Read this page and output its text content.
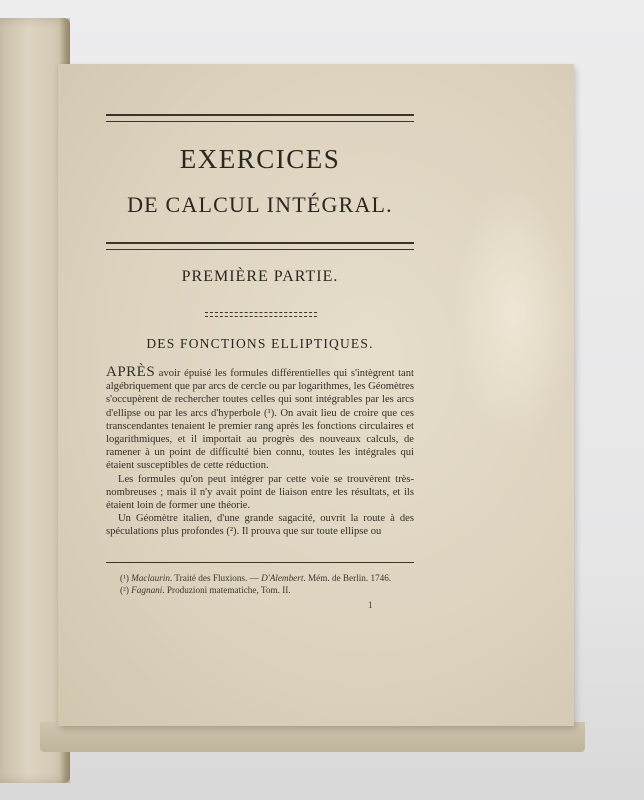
EXERCICES
DE CALCUL INTÉGRAL.
PREMIÈRE PARTIE.
DES FONCTIONS ELLIPTIQUES.

APRÈS avoir épuisé les formules différentielles qui s'intègrent tant algébriquement que par arcs de cercle ou par logarithmes, les Géomètres s'occupèrent de rechercher toutes celles qui sont intégrables par les arcs d'ellipse ou par les arcs d'hyperbole (¹). On avait lieu de croire que ces transcendantes tenaient le premier rang après les fonctions circulaires et logarithmiques, et il importait au progrès des nouveaux calculs, de ramener à un point de difficulté bien connu, toutes les intégrales qui étaient susceptibles de cette réduction.

Les formules qu'on peut intégrer par cette voie se trouvèrent très-nombreuses ; mais il n'y avait point de liaison entre les résultats, et ils étaient loin de former une théorie.

Un Géomètre italien, d'une grande sagacité, ouvrit la route à des spéculations plus profondes (²). Il prouva que sur toute ellipse ou

(¹) Maclaurin. Traité des Fluxions. — D'Alembert. Mém. de Berlin. 1746.
(²) Fagnani. Produzioni matematiche, Tom. II.
1
